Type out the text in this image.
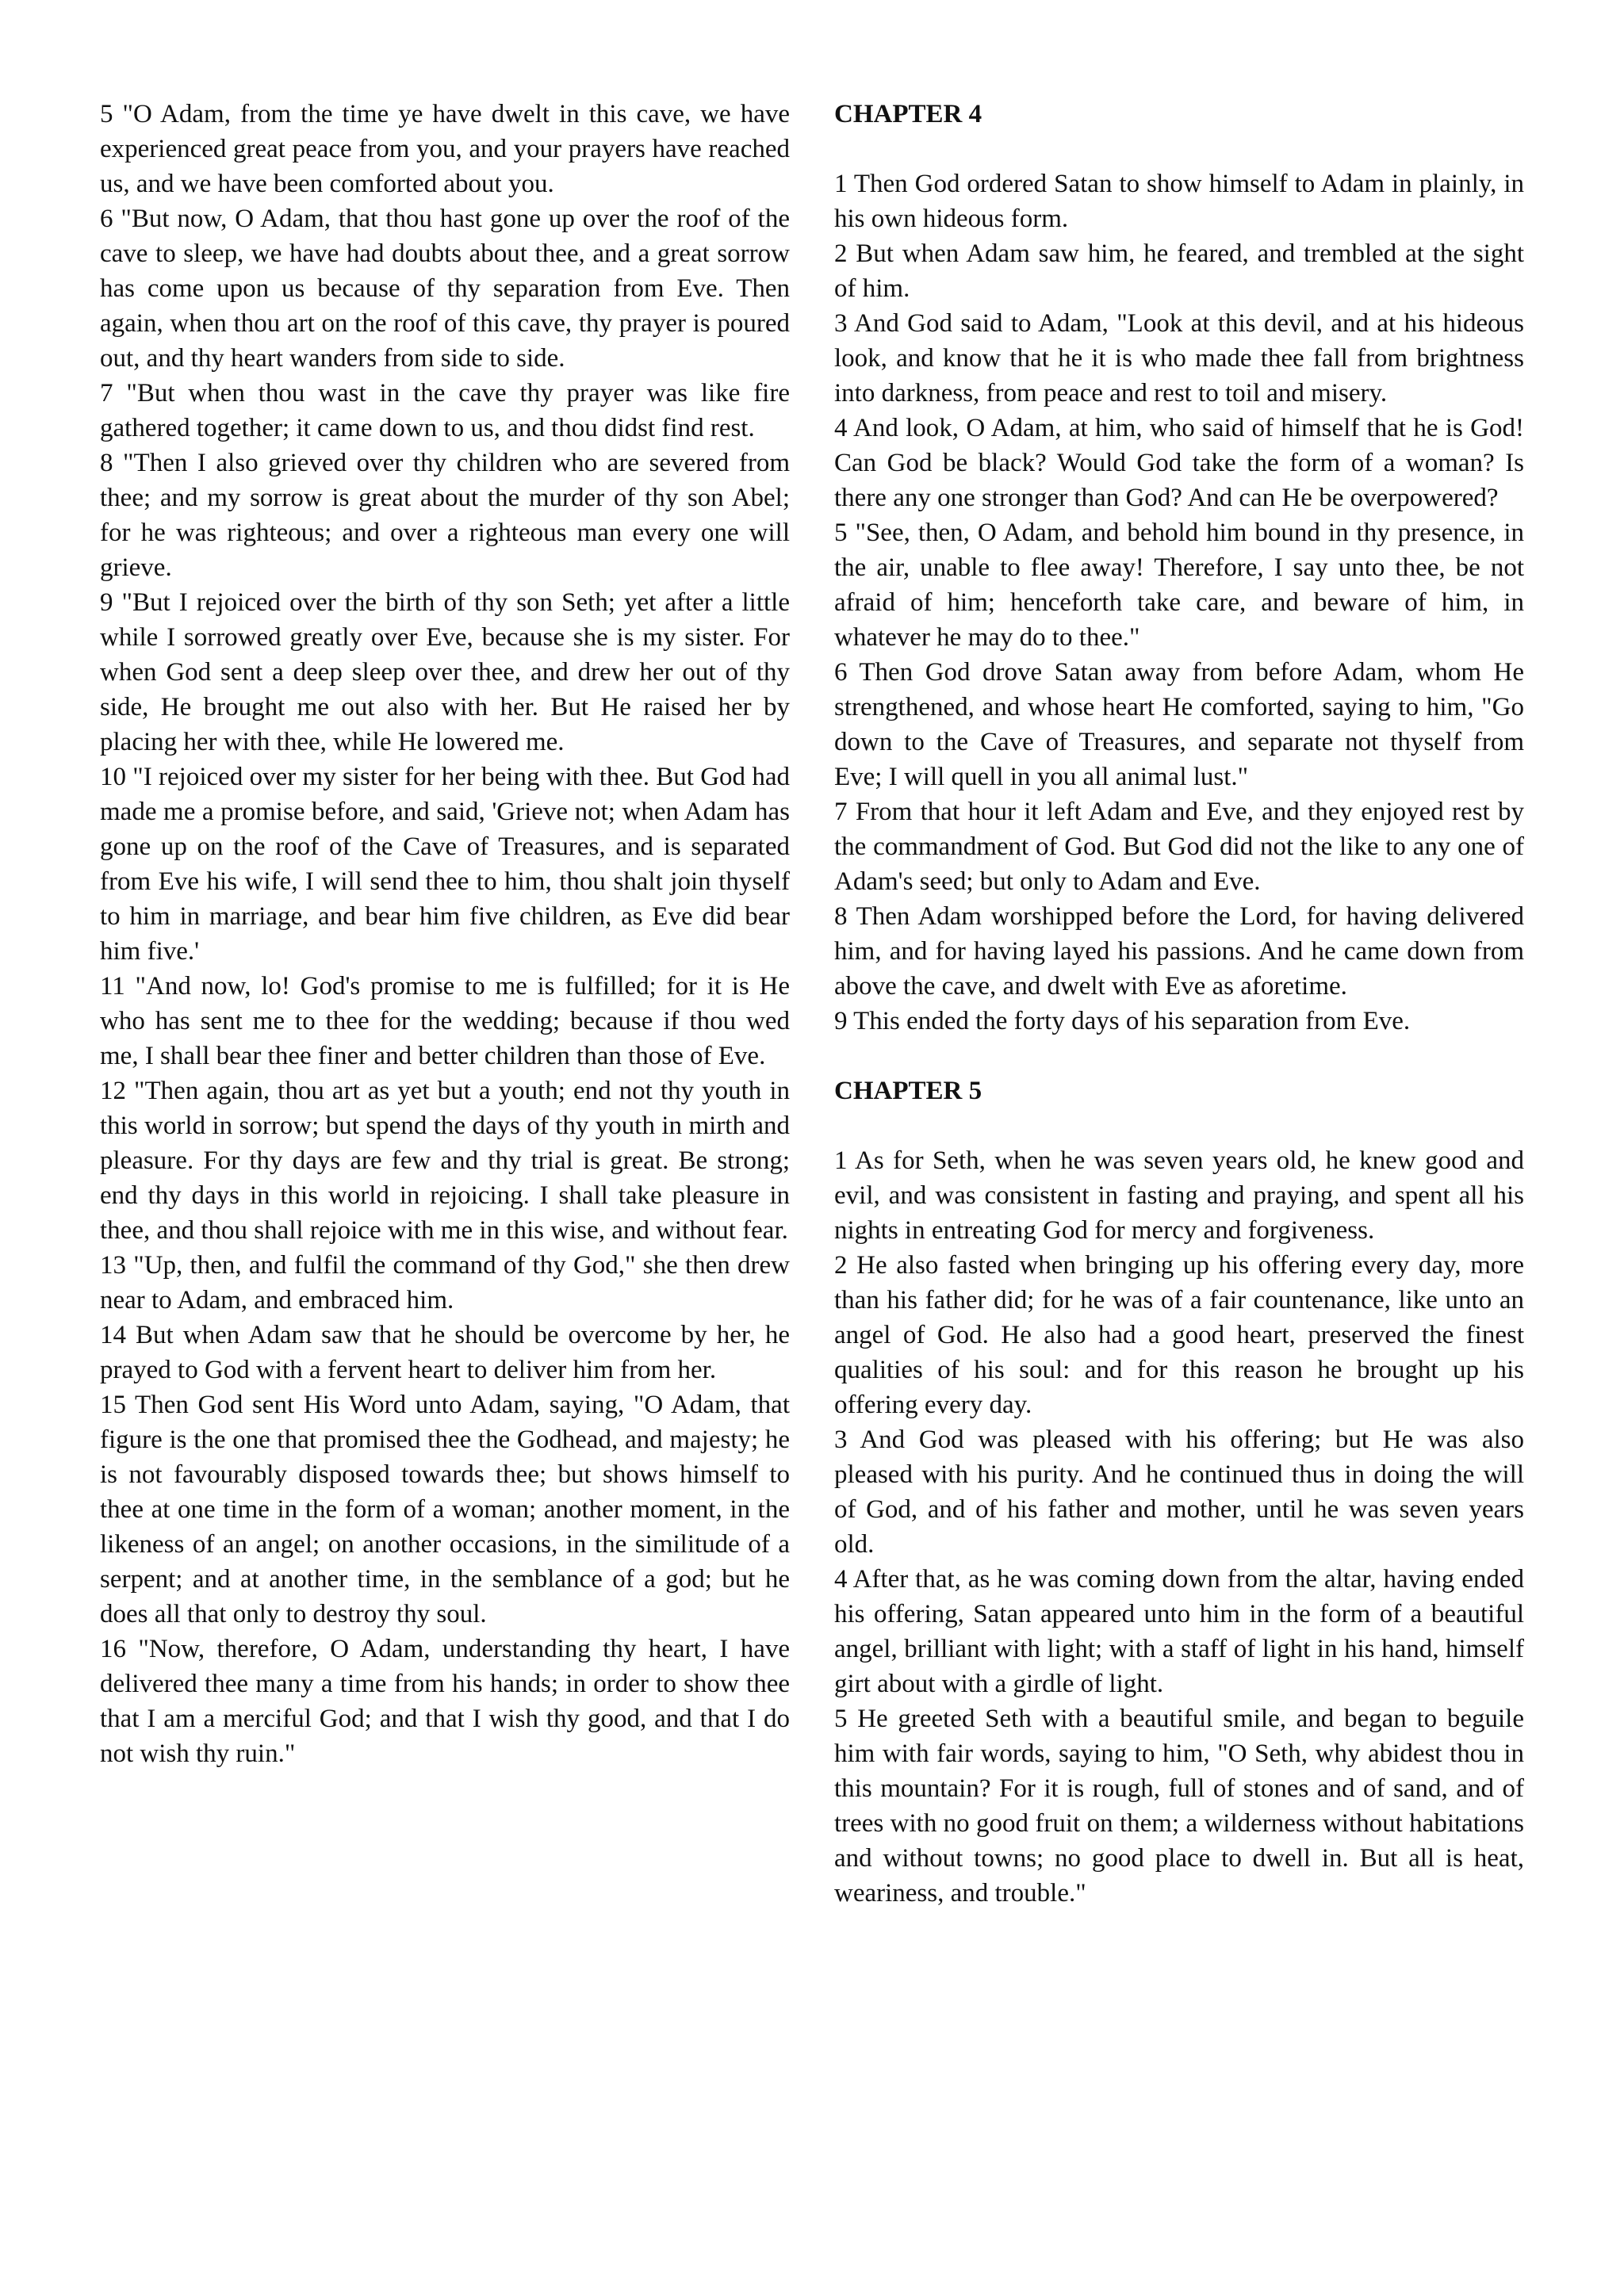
5 "O Adam, from the time ye have dwelt in this cave, we have experienced great peace from you, and your prayers have reached us, and we have been comforted about you.

6 "But now, O Adam, that thou hast gone up over the roof of the cave to sleep, we have had doubts about thee, and a great sorrow has come upon us because of thy separation from Eve. Then again, when thou art on the roof of this cave, thy prayer is poured out, and thy heart wanders from side to side.

7 "But when thou wast in the cave thy prayer was like fire gathered together; it came down to us, and thou didst find rest.

8 "Then I also grieved over thy children who are severed from thee; and my sorrow is great about the murder of thy son Abel; for he was righteous; and over a righteous man every one will grieve.

9 "But I rejoiced over the birth of thy son Seth; yet after a little while I sorrowed greatly over Eve, because she is my sister. For when God sent a deep sleep over thee, and drew her out of thy side, He brought me out also with her. But He raised her by placing her with thee, while He lowered me.

10 "I rejoiced over my sister for her being with thee. But God had made me a promise before, and said, 'Grieve not; when Adam has gone up on the roof of the Cave of Treasures, and is separated from Eve his wife, I will send thee to him, thou shalt join thyself to him in marriage, and bear him five children, as Eve did bear him five.'

11 "And now, lo! God's promise to me is fulfilled; for it is He who has sent me to thee for the wedding; because if thou wed me, I shall bear thee finer and better children than those of Eve.

12 "Then again, thou art as yet but a youth; end not thy youth in this world in sorrow; but spend the days of thy youth in mirth and pleasure. For thy days are few and thy trial is great. Be strong; end thy days in this world in rejoicing. I shall take pleasure in thee, and thou shall rejoice with me in this wise, and without fear.

13 "Up, then, and fulfil the command of thy God," she then drew near to Adam, and embraced him.

14 But when Adam saw that he should be overcome by her, he prayed to God with a fervent heart to deliver him from her.

15 Then God sent His Word unto Adam, saying, "O Adam, that figure is the one that promised thee the Godhead, and majesty; he is not favourably disposed towards thee; but shows himself to thee at one time in the form of a woman; another moment, in the likeness of an angel; on another occasions, in the similitude of a serpent; and at another time, in the semblance of a god; but he does all that only to destroy thy soul.

16 "Now, therefore, O Adam, understanding thy heart, I have delivered thee many a time from his hands; in order to show thee that I am a merciful God; and that I wish thy good, and that I do not wish thy ruin."

CHAPTER 4

1 Then God ordered Satan to show himself to Adam in plainly, in his own hideous form.

2 But when Adam saw him, he feared, and trembled at the sight of him.

3 And God said to Adam, "Look at this devil, and at his hideous look, and know that he it is who made thee fall from brightness into darkness, from peace and rest to toil and misery.

4 And look, O Adam, at him, who said of himself that he is God! Can God be black? Would God take the form of a woman? Is there any one stronger than God? And can He be overpowered?

5 "See, then, O Adam, and behold him bound in thy presence, in the air, unable to flee away! Therefore, I say unto thee, be not afraid of him; henceforth take care, and beware of him, in whatever he may do to thee."

6 Then God drove Satan away from before Adam, whom He strengthened, and whose heart He comforted, saying to him, "Go down to the Cave of Treasures, and separate not thyself from Eve; I will quell in you all animal lust."

7 From that hour it left Adam and Eve, and they enjoyed rest by the commandment of God. But God did not the like to any one of Adam's seed; but only to Adam and Eve.

8 Then Adam worshipped before the Lord, for having delivered him, and for having layed his passions. And he came down from above the cave, and dwelt with Eve as aforetime.

9 This ended the forty days of his separation from Eve.

CHAPTER 5

1 As for Seth, when he was seven years old, he knew good and evil, and was consistent in fasting and praying, and spent all his nights in entreating God for mercy and forgiveness.

2 He also fasted when bringing up his offering every day, more than his father did; for he was of a fair countenance, like unto an angel of God. He also had a good heart, preserved the finest qualities of his soul: and for this reason he brought up his offering every day.

3 And God was pleased with his offering; but He was also pleased with his purity. And he continued thus in doing the will of God, and of his father and mother, until he was seven years old.

4 After that, as he was coming down from the altar, having ended his offering, Satan appeared unto him in the form of a beautiful angel, brilliant with light; with a staff of light in his hand, himself girt about with a girdle of light.

5 He greeted Seth with a beautiful smile, and began to beguile him with fair words, saying to him, "O Seth, why abidest thou in this mountain? For it is rough, full of stones and of sand, and of trees with no good fruit on them; a wilderness without habitations and without towns; no good place to dwell in. But all is heat, weariness, and trouble."
